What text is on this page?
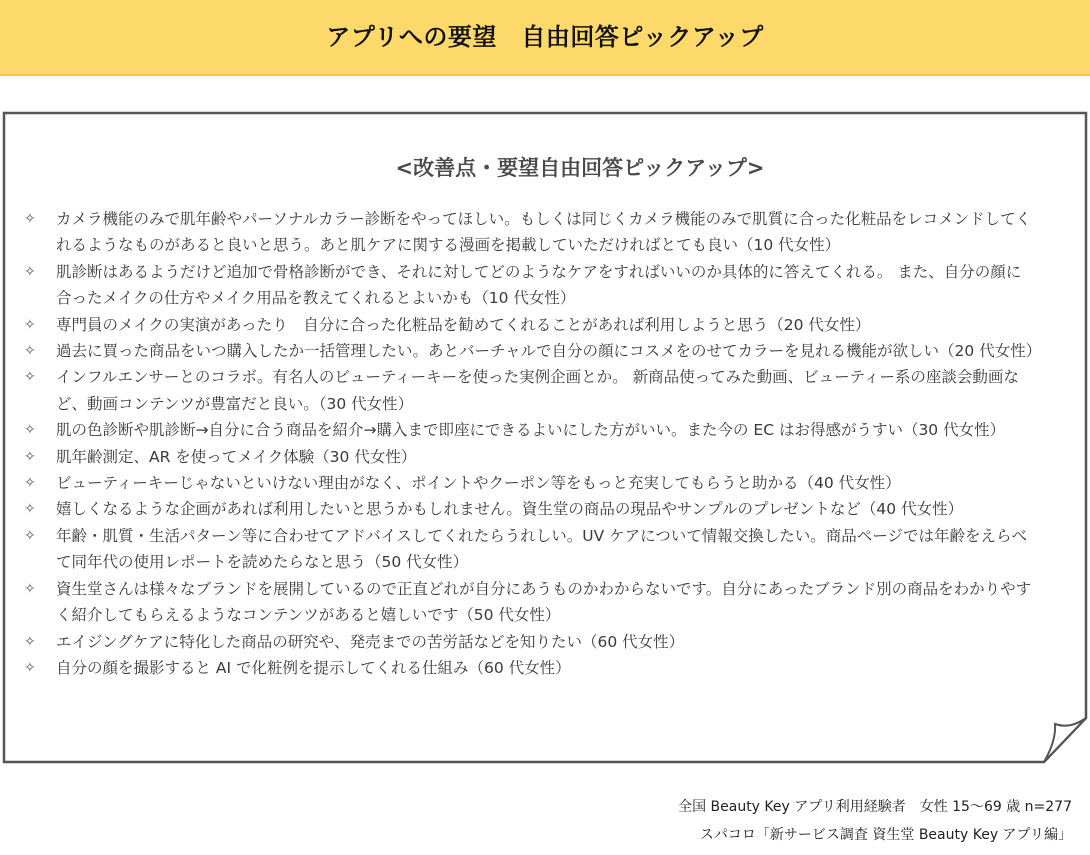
アプリへの要望　自由回答ピックアップ
<改善点・要望自由回答ピックアップ>
✧	カメラ機能のみで肌年齢やパーソナルカラー診断をやってほしい。もしくは同じくカメラ機能のみで肌質に合った化粧品をレコメンドしてくれるようなものがあると良いと思う。あと肌ケアに関する漫画を掲載していただければとても良い（10 代女性）
✧	肌診断はあるようだけど追加で骨格診断ができ、それに対してどのようなケアをすればいいのか具体的に答えてくれる。 また、自分の顔に合ったメイクの仕方やメイク用品を教えてくれるとよいかも（10 代女性）
✧	専門員のメイクの実演があったり　自分に合った化粧品を勧めてくれることがあれば利用しようと思う（20 代女性）
✧	過去に買った商品をいつ購入したか一括管理したい。あとバーチャルで自分の顔にコスメをのせてカラーを見れる機能が欲しい（20 代女性）
✧	インフルエンサーとのコラボ。有名人のビューティーキーを使った実例企画とか。 新商品使ってみた動画、ビューティー系の座談会動画など、動画コンテンツが豊富だと良い。（30 代女性）
✧	肌の色診断や肌診断→自分に合う商品を紹介→購入まで即座にできるよいにした方がいい。また今の EC はお得感がうすい（30 代女性）
✧	肌年齢測定、AR を使ってメイク体験（30 代女性）
✧	ビューティーキーじゃないといけない理由がなく、ポイントやクーポン等をもっと充実してもらうと助かる（40 代女性）
✧	嬉しくなるような企画があれば利用したいと思うかもしれません。資生堂の商品の現品やサンプルのプレゼントなど（40 代女性）
✧	年齢・肌質・生活パターン等に合わせてアドバイスしてくれたらうれしい。UV ケアについて情報交換したい。商品ページでは年齢をえらべて同年代の使用レポートを読めたらなと思う（50 代女性）
✧	資生堂さんは様々なブランドを展開しているので正直どれが自分にあうものかわからないです。自分にあったブランド別の商品をわかりやすく紹介してもらえるようなコンテンツがあると嬉しいです（50 代女性）
✧	エイジングケアに特化した商品の研究や、発売までの苦労話などを知りたい（60 代女性）
✧	自分の顔を撮影すると AI で化粧例を提示してくれる仕組み（60 代女性）
全国 Beauty Key アプリ利用経験者　女性 15～69 歳 n=277
スパコロ「新サービス調査 資生堂 Beauty Key アプリ編」
